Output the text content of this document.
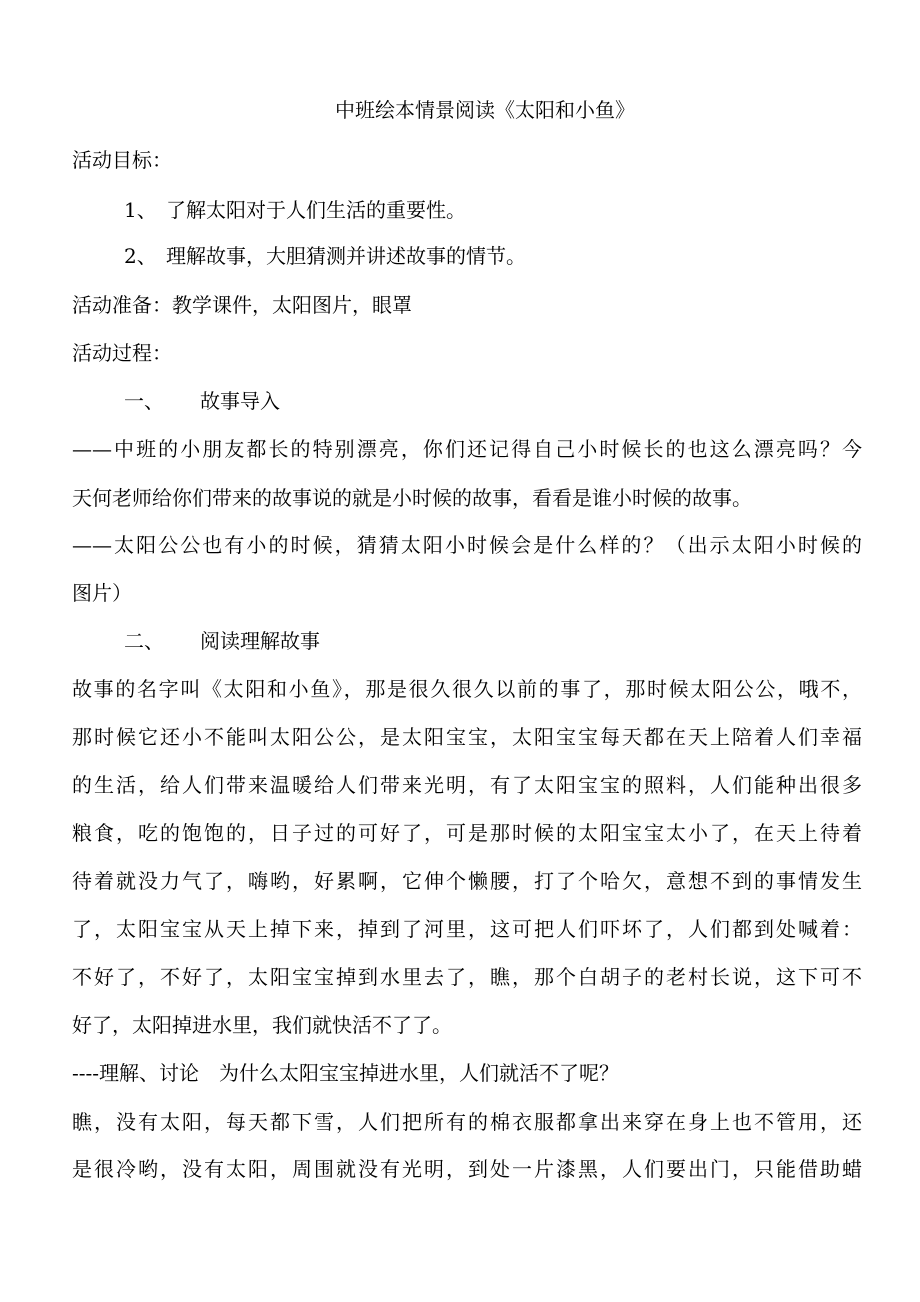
中班绘本情景阅读《太阳和小鱼》
活动目标：
1、 了解太阳对于人们生活的重要性。
2、 理解故事，大胆猜测并讲述故事的情节。
活动准备：教学课件，太阳图片，眼罩
活动过程：
一、 故事导入
——中班的小朋友都长的特别漂亮，你们还记得自己小时候长的也这么漂亮吗？今
天何老师给你们带来的故事说的就是小时候的故事，看看是谁小时候的故事。
——太阳公公也有小的时候，猜猜太阳小时候会是什么样的？（出示太阳小时候的
图片）
二、 阅读理解故事
故事的名字叫《太阳和小鱼》，那是很久很久以前的事了，那时候太阳公公，哦不，
那时候它还小不能叫太阳公公，是太阳宝宝，太阳宝宝每天都在天上陪着人们幸福
的生活，给人们带来温暖给人们带来光明，有了太阳宝宝的照料，人们能种出很多
粮食，吃的饱饱的，日子过的可好了，可是那时候的太阳宝宝太小了，在天上待着
待着就没力气了，嗨哟，好累啊，它伸个懒腰，打了个哈欠，意想不到的事情发生
了，太阳宝宝从天上掉下来，掉到了河里，这可把人们吓坏了，人们都到处喊着：
不好了，不好了，太阳宝宝掉到水里去了，瞧，那个白胡子的老村长说，这下可不
好了，太阳掉进水里，我们就快活不了了。
----理解、讨论　为什么太阳宝宝掉进水里，人们就活不了呢？
瞧，没有太阳，每天都下雪，人们把所有的棉衣服都拿出来穿在身上也不管用，还
是很冷哟，没有太阳，周围就没有光明，到处一片漆黑，人们要出门，只能借助蜡
